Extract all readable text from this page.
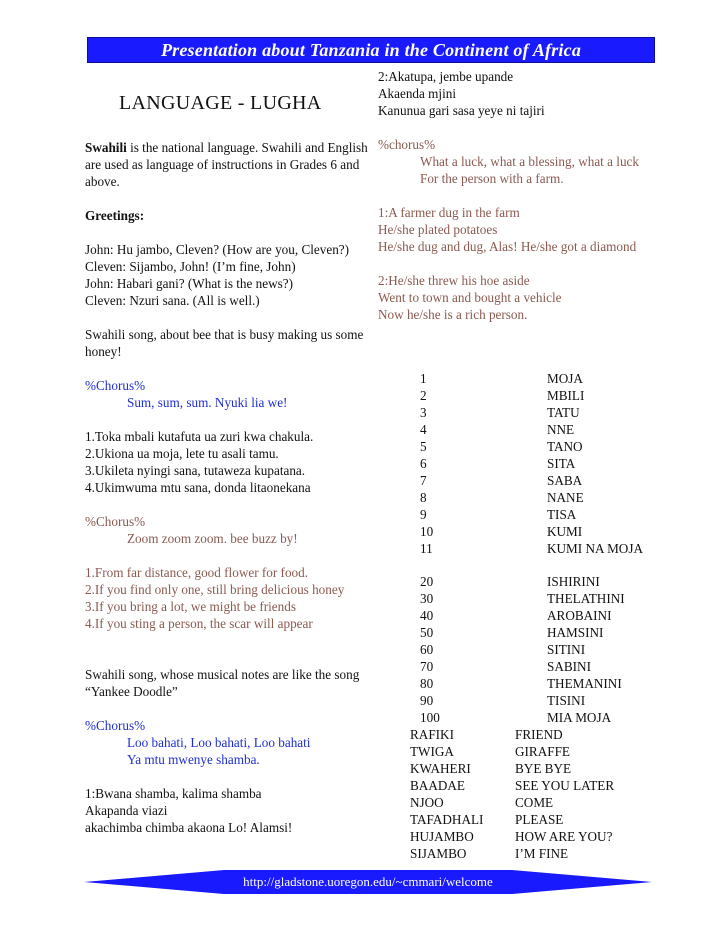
Presentation about Tanzania in the Continent of Africa
LANGUAGE - LUGHA

Swahili is the national language. Swahili and English are used as language of instructions in Grades 6 and above.

Greetings:

John: Hu jambo, Cleven? (How are you, Cleven?)

Cleven: Sijambo, John! (I’m fine, John)

John: Habari gani? (What is the news?)

Cleven: Nzuri sana. (All is well.)

Swahili song, about bee that is busy making us some honey!

%Chorus%

Sum, sum, sum. Nyuki lia we!

1.Toka mbali kutafuta ua zuri kwa chakula.

2.Ukiona ua moja, lete tu asali tamu.

3.Ukileta nyingi sana, tutaweza kupatana.

4.Ukimwuma mtu sana, donda litaonekana

%Chorus%

Zoom zoom zoom. bee buzz by!

1.From far distance, good flower for food.

2.If you find only one, still bring delicious honey

3.If you bring a lot, we might be friends

4.If you sting a person, the scar will appear

Swahili song, whose musical notes are like the song “Yankee Doodle”

%Chorus%

Loo bahati, Loo bahati, Loo bahati

Ya mtu mwenye shamba.

1:Bwana shamba, kalima shamba

Akapanda viazi

akachimba chimba akaona Lo! Alamsi!

2:Akatupa, jembe upande

Akaenda mjini

Kanunua gari sasa yeye ni tajiri

%chorus%

What a luck, what a blessing, what a luck

For the person with a farm.

1:A farmer dug in the farm

He/she plated potatoes

He/she dug and dug, Alas! He/she got a diamond

2:He/she threw his hoe aside

Went to town and bought a vehicle

Now he/she is a rich person.

1	MOJA
2	MBILI
3	TATU
4	NNE
5	TANO
6	SITA
7	SABA
8	NANE
9	TISA
10	KUMI
11	KUMI NA MOJA
20	ISHIRINI
30	THELATHINI
40	AROBAINI
50	HAMSINI
60	SITINI
70	SABINI
80	THEMANINI
90	TISINI
100	MIA MOJA
RAFIKI	FRIEND
TWIGA	GIRAFFE
KWAHERI	BYE BYE
BAADAE	SEE YOU LATER
NJOO	COME
TAFADHALI PLEASE
HUJAMBO	HOW ARE YOU?
SIJAMBO	I’M FINE
http://gladstone.uoregon.edu/~cmmari/welcome
